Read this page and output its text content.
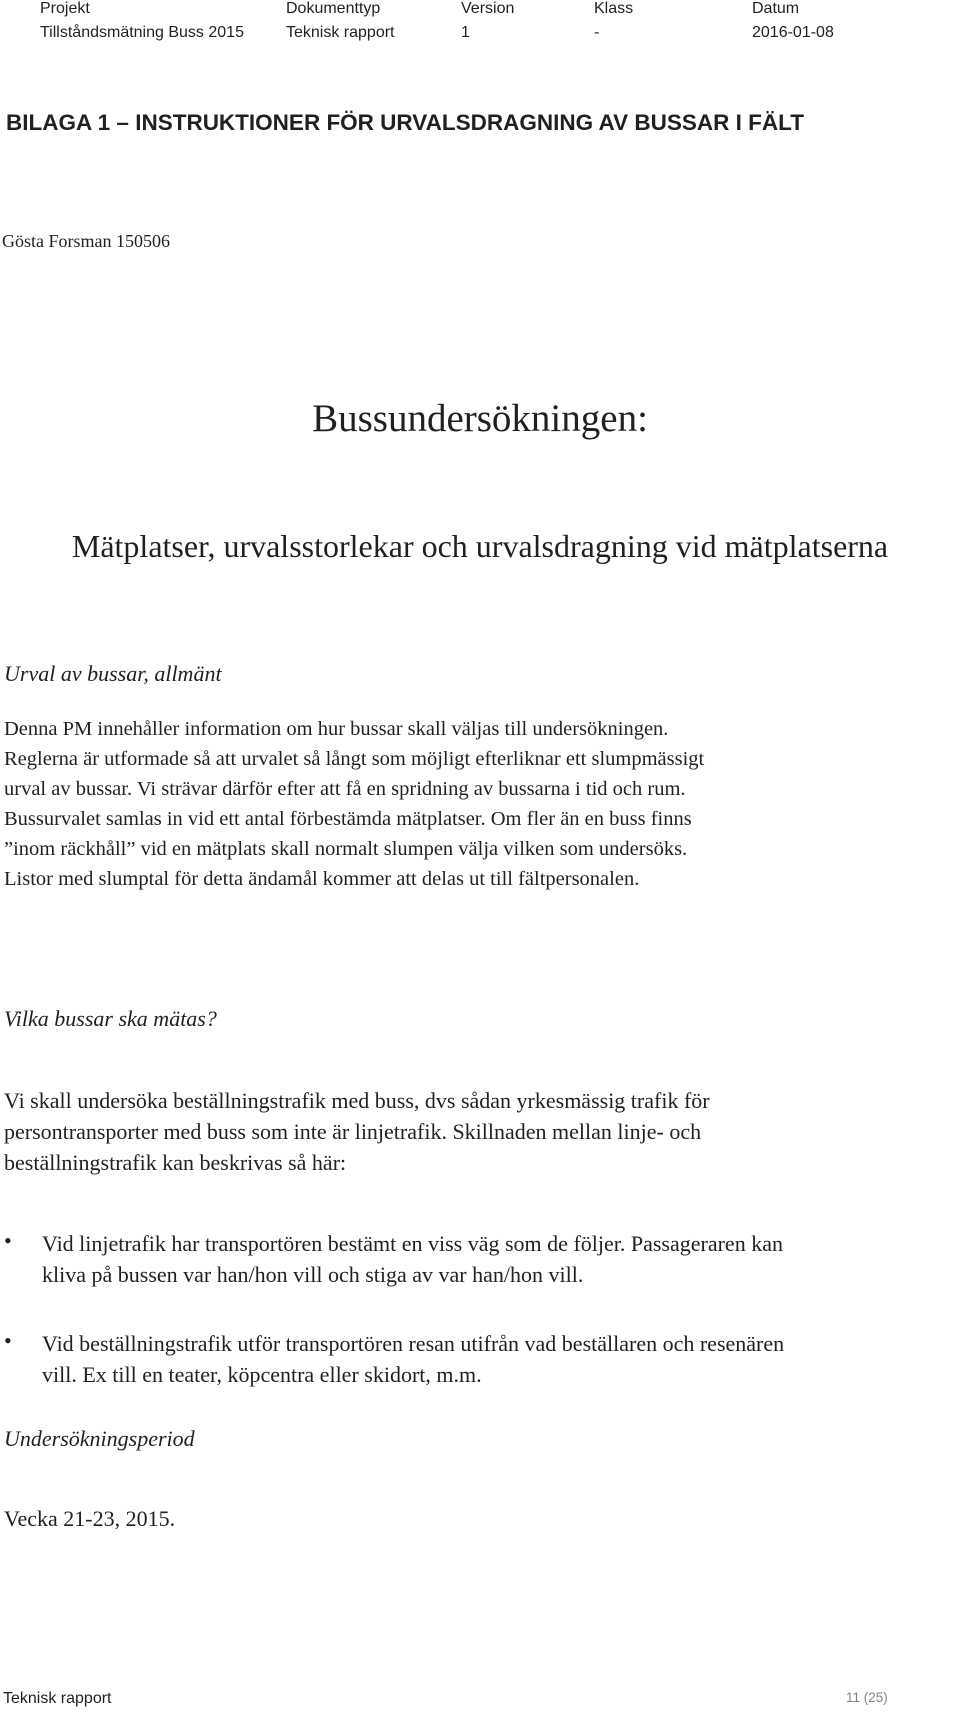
Projekt	Dokumenttyp	Version	Klass	Datum
Tillståndsmätning Buss 2015	Teknisk rapport	1	-	2016-01-08
BILAGA 1 – INSTRUKTIONER FÖR URVALSDRAGNING AV BUSSAR I FÄLT
Gösta Forsman 150506
Bussundersökningen:
Mätplatser, urvalsstorlekar och urvalsdragning vid mätplatserna
Urval av bussar, allmänt
Denna PM innehåller information om hur bussar skall väljas till undersökningen.
Reglerna är utformade så att urvalet så långt som möjligt efterliknar ett slumpmässigt
urval av bussar. Vi strävar därför efter att få en spridning av bussarna i tid och rum.
Bussurvalet samlas in vid ett antal förbestämda mätplatser. Om fler än en buss finns
”inom räckhåll” vid en mätplats skall normalt slumpen välja vilken som undersöks.
Listor med slumptal för detta ändamål kommer att delas ut till fältpersonalen.
Vilka bussar ska mätas?
Vi skall undersöka beställningstrafik med buss, dvs sådan yrkesmässig trafik för
persontransporter med buss som inte är linjetrafik. Skillnaden mellan linje- och
beställningstrafik kan beskrivas så här:
• Vid linjetrafik har transportören bestämt en viss väg som de följer. Passageraren kan
kliva på bussen var han/hon vill och stiga av var han/hon vill.
• Vid beställningstrafik utför transportören resan utifrån vad beställaren och resenären
vill. Ex till en teater, köpcentra eller skidort, m.m.
Undersökningsperiod
Vecka 21-23, 2015.
Teknisk rapport	11 (25)
